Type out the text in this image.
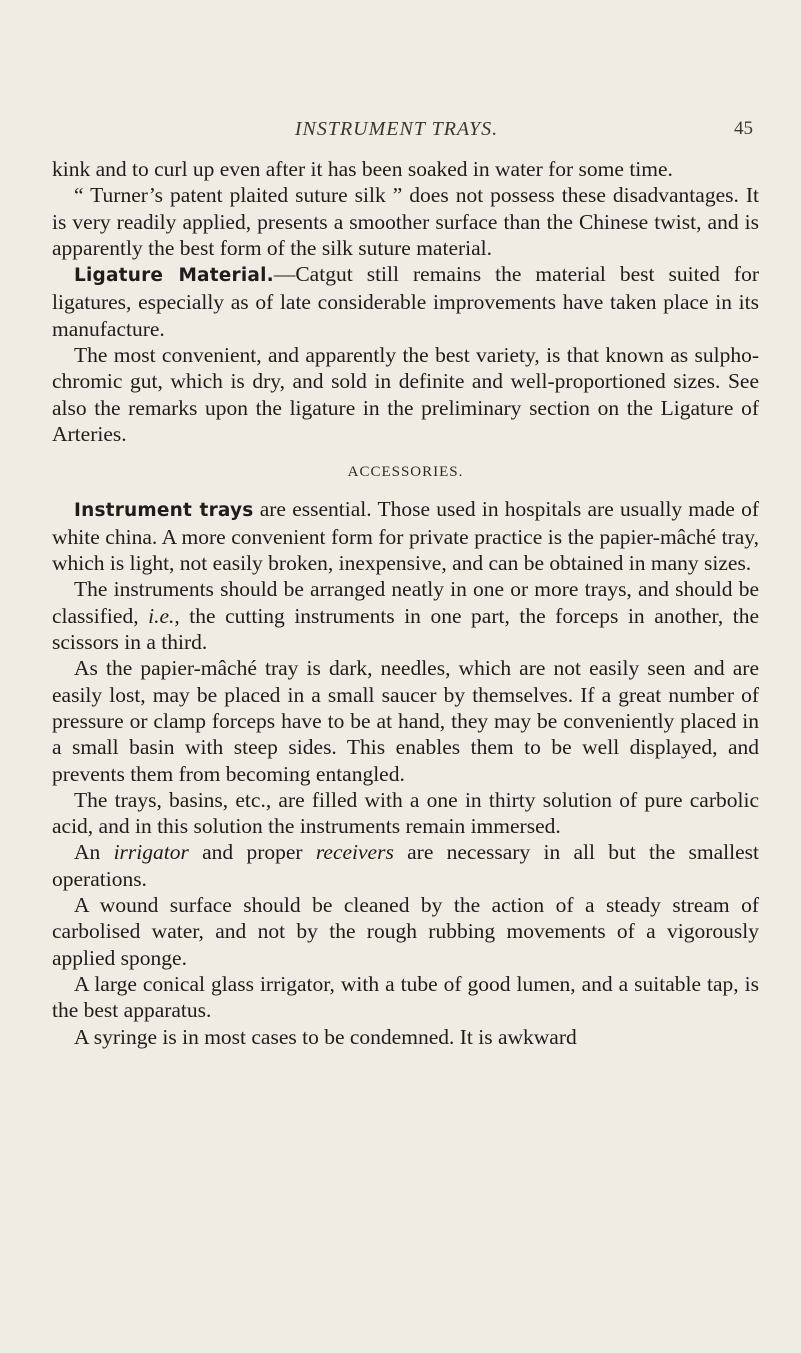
INSTRUMENT TRAYS.	45

kink and to curl up even after it has been soaked in water for some time.

“ Turner’s patent plaited suture silk ” does not possess these disadvantages. It is very readily applied, presents a smoother surface than the Chinese twist, and is apparently the best form of the silk suture material.

Ligature Material.—Catgut still remains the material best suited for ligatures, especially as of late considerable improvements have taken place in its manufacture.

The most convenient, and apparently the best variety, is that known as sulpho-chromic gut, which is dry, and sold in definite and well-proportioned sizes. See also the remarks upon the ligature in the preliminary section on the Ligature of Arteries.

ACCESSORIES.

Instrument trays are essential. Those used in hospitals are usually made of white china. A more convenient form for private practice is the papier-mâché tray, which is light, not easily broken, inexpensive, and can be obtained in many sizes.

The instruments should be arranged neatly in one or more trays, and should be classified, i.e., the cutting instruments in one part, the forceps in another, the scissors in a third.

As the papier-mâché tray is dark, needles, which are not easily seen and are easily lost, may be placed in a small saucer by themselves. If a great number of pressure or clamp forceps have to be at hand, they may be conveniently placed in a small basin with steep sides. This enables them to be well displayed, and prevents them from becoming entangled.

The trays, basins, etc., are filled with a one in thirty solution of pure carbolic acid, and in this solution the instruments remain immersed.

An irrigator and proper receivers are necessary in all but the smallest operations.

A wound surface should be cleaned by the action of a steady stream of carbolised water, and not by the rough rubbing movements of a vigorously applied sponge.

A large conical glass irrigator, with a tube of good lumen, and a suitable tap, is the best apparatus.

A syringe is in most cases to be condemned. It is awkward
